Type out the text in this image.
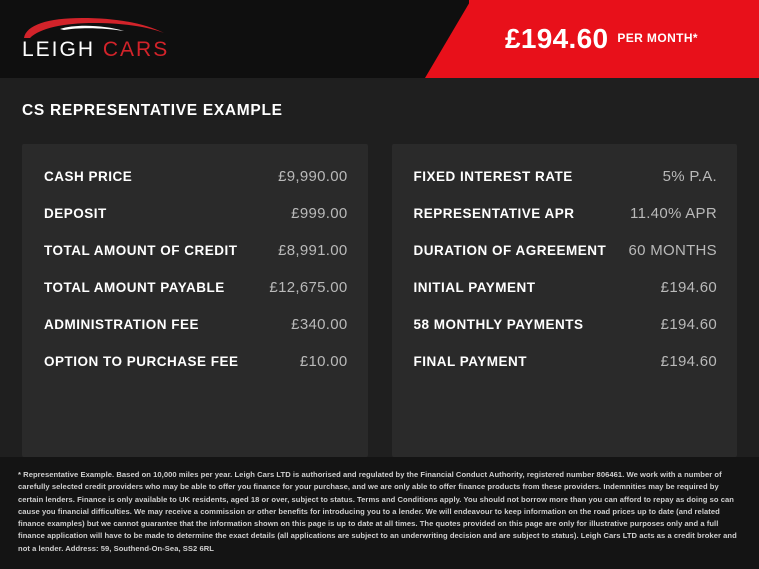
LEIGH CARS	£194.60 PER MONTH*
CS REPRESENTATIVE EXAMPLE
CASH PRICE	£9,990.00
DEPOSIT	£999.00
TOTAL AMOUNT OF CREDIT	£8,991.00
TOTAL AMOUNT PAYABLE	£12,675.00
ADMINISTRATION FEE	£340.00
OPTION TO PURCHASE FEE	£10.00
FIXED INTEREST RATE	5% P.A.
REPRESENTATIVE APR	11.40% APR
DURATION OF AGREEMENT 60 MONTHS
INITIAL PAYMENT	£194.60
58 MONTHLY PAYMENTS	£194.60
FINAL PAYMENT	£194.60

* Representative Example. Based on 10,000 miles per year. Leigh Cars LTD is authorised and regulated by the Financial Conduct Authority, registered number 806461. We work with a number of carefully selected credit providers who may be able to offer you finance for your purchase, and we are only able to offer finance products from these providers. Indemnities may be required by certain lenders. Finance is only available to UK residents, aged 18 or over, subject to status. Terms and Conditions apply. You should not borrow more than you can afford to repay as doing so can cause you financial difficulties. We may receive a commission or other benefits for introducing you to a lender. We will endeavour to keep information on the road prices up to date (and related finance examples) but we cannot guarantee that the information shown on this page is up to date at all times. The quotes provided on this page are only for illustrative purposes only and a full finance application will have to be made to determine the exact details (all applications are subject to an underwriting decision and are subject to status). Leigh Cars LTD acts as a credit broker and not a lender. Address: 59, Southend-On-Sea, SS2 6RL
